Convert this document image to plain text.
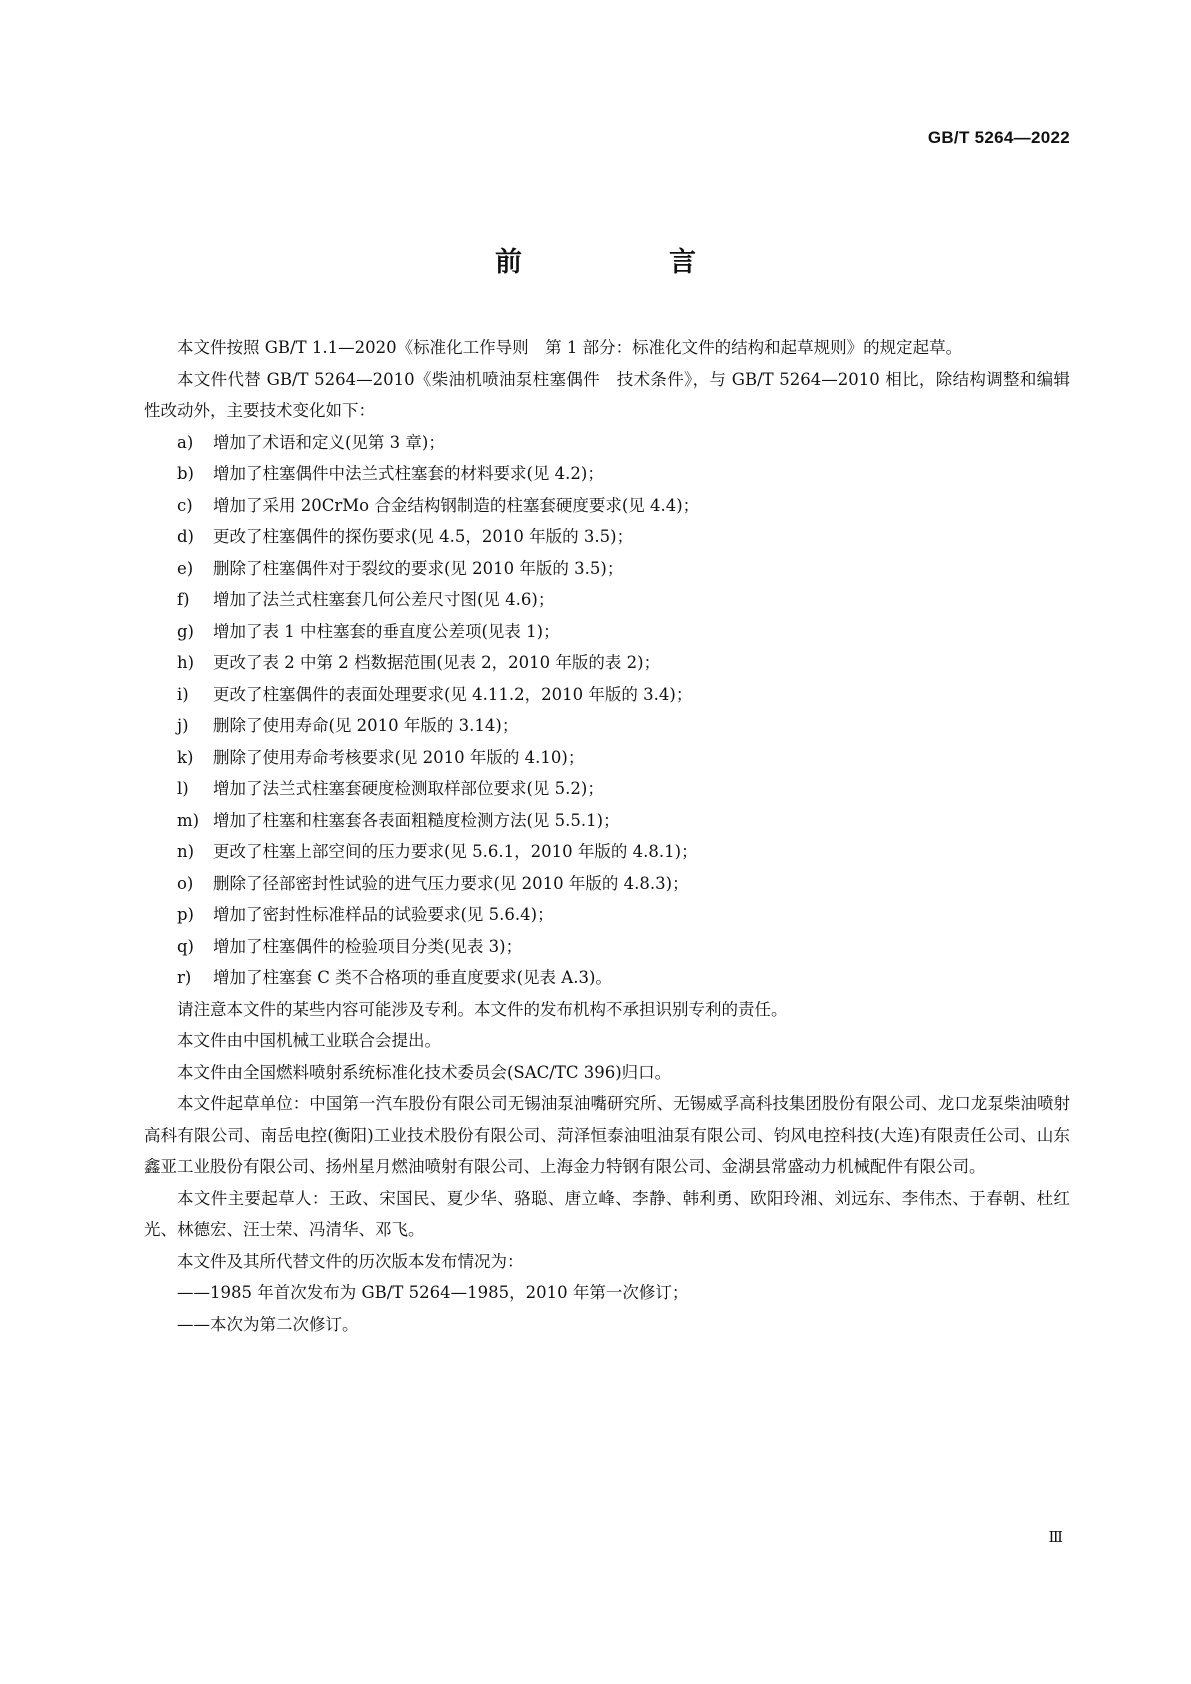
GB/T 5264—2022
前　言

本文件按照 GB/T 1.1—2020《标准化工作导则　第 1 部分：标准化文件的结构和起草规则》的规定起草。

本文件代替 GB/T 5264—2010《柴油机喷油泵柱塞偶件　技术条件》，与 GB/T 5264—2010 相比，除结构调整和编辑性改动外，主要技术变化如下：

a) 增加了术语和定义(见第 3 章)；

b) 增加了柱塞偶件中法兰式柱塞套的材料要求(见 4.2)；

c) 增加了采用 20CrMo 合金结构钢制造的柱塞套硬度要求(见 4.4)；

d) 更改了柱塞偶件的探伤要求(见 4.5，2010 年版的 3.5)；

e) 删除了柱塞偶件对于裂纹的要求(见 2010 年版的 3.5)；

f) 增加了法兰式柱塞套几何公差尺寸图(见 4.6)；

g) 增加了表 1 中柱塞套的垂直度公差项(见表 1)；

h) 更改了表 2 中第 2 档数据范围(见表 2，2010 年版的表 2)；

i) 更改了柱塞偶件的表面处理要求(见 4.11.2，2010 年版的 3.4)；

j) 删除了使用寿命(见 2010 年版的 3.14)；

k) 删除了使用寿命考核要求(见 2010 年版的 4.10)；

l) 增加了法兰式柱塞套硬度检测取样部位要求(见 5.2)；

m) 增加了柱塞和柱塞套各表面粗糙度检测方法(见 5.5.1)；

n) 更改了柱塞上部空间的压力要求(见 5.6.1，2010 年版的 4.8.1)；

o) 删除了径部密封性试验的进气压力要求(见 2010 年版的 4.8.3)；

p) 增加了密封性标准样品的试验要求(见 5.6.4)；

q) 增加了柱塞偶件的检验项目分类(见表 3)；

r) 增加了柱塞套 C 类不合格项的垂直度要求(见表 A.3)。

请注意本文件的某些内容可能涉及专利。本文件的发布机构不承担识别专利的责任。

本文件由中国机械工业联合会提出。

本文件由全国燃料喷射系统标准化技术委员会(SAC/TC 396)归口。

本文件起草单位：中国第一汽车股份有限公司无锡油泵油嘴研究所、无锡威孚高科技集团股份有限公司、龙口龙泵柴油喷射高科有限公司、南岳电控(衡阳)工业技术股份有限公司、菏泽恒泰油咀油泵有限公司、钧风电控科技(大连)有限责任公司、山东鑫亚工业股份有限公司、扬州星月燃油喷射有限公司、上海金力特钢有限公司、金湖县常盛动力机械配件有限公司。

本文件主要起草人：王政、宋国民、夏少华、骆聪、唐立峰、李静、韩利勇、欧阳玲湘、刘远东、李伟杰、于春朝、杜红光、林德宏、汪士荣、冯清华、邓飞。

本文件及其所代替文件的历次版本发布情况为：

——1985 年首次发布为 GB/T 5264—1985，2010 年第一次修订；

——本次为第二次修订。

Ⅲ
